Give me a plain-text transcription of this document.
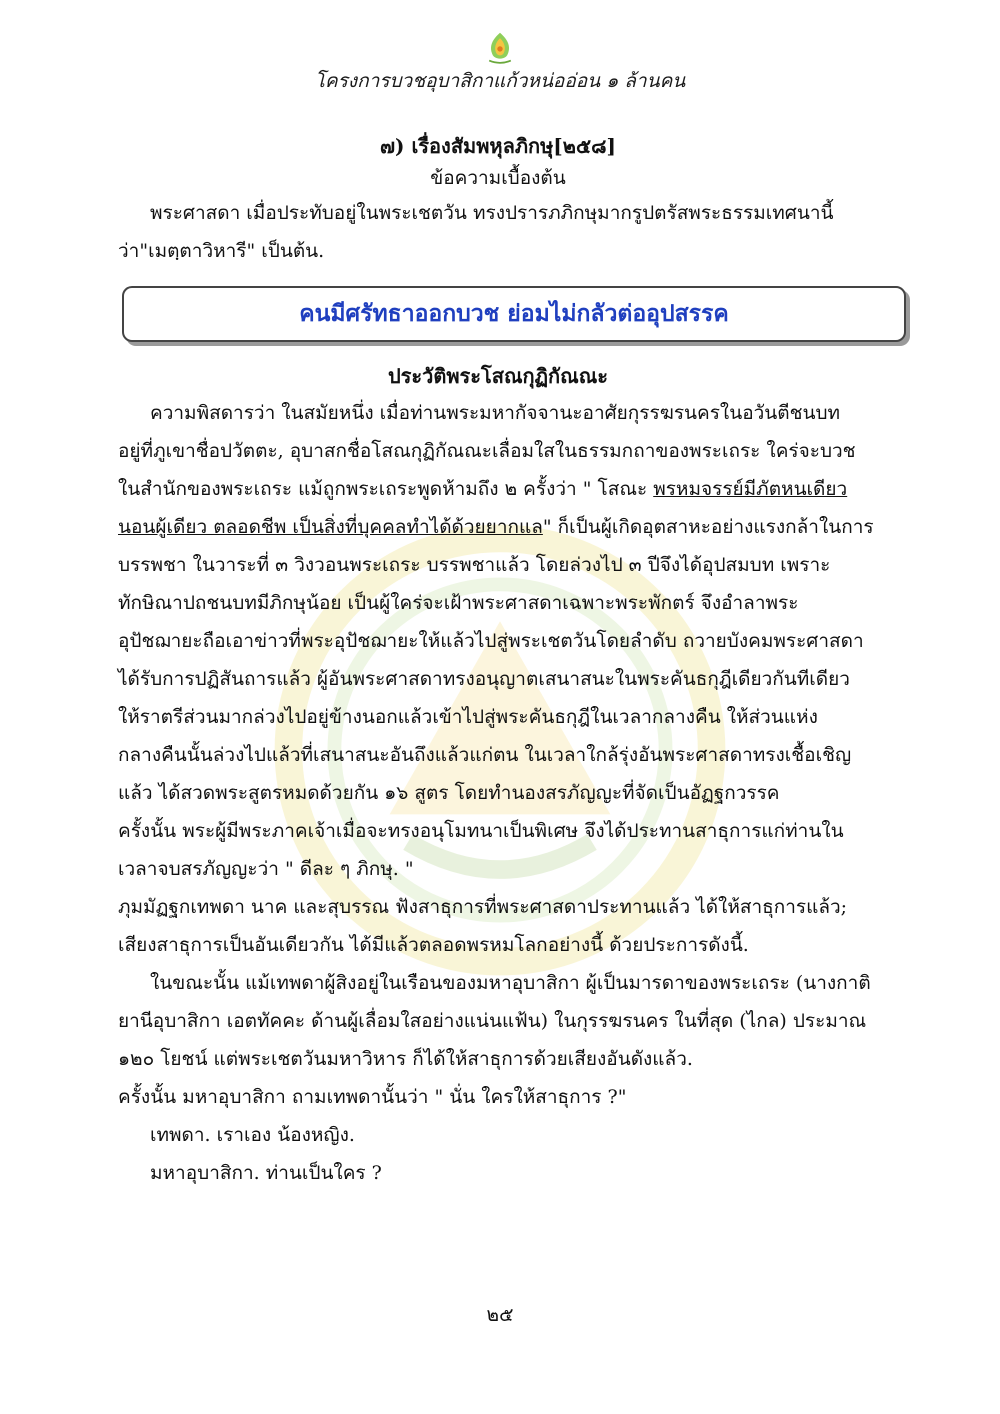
โครงการบวชอุบาสิกาแก้วหน่ออ่อน ๑ ล้านคน
๗) เรื่องสัมพหุลภิกษุ[๒๕๘]
ข้อความเบื้องต้น

พระศาสดา เมื่อประทับอยู่ในพระเชตวัน ทรงปรารภภิกษุมากรูปตรัสพระธรรมเทศนานี้

ว่า"เมตฺตาวิหารี" เป็นต้น.

คนมีศรัทธาออกบวช ย่อมไม่กลัวต่ออุปสรรค
ประวัติพระโสณกุฏิกัณณะ

ความพิสดารว่า ในสมัยหนึ่ง เมื่อท่านพระมหากัจจานะอาศัยกุรรฆรนครในอวันตีชนบท

อยู่ที่ภูเขาชื่อปวัตตะ, อุบาสกชื่อโสณกุฏิกัณณะเลื่อมใสในธรรมกถาของพระเถระ ใคร่จะบวช

ในสำนักของพระเถระ แม้ถูกพระเถระพูดห้ามถึง ๒ ครั้งว่า " โสณะ พรหมจรรย์มีภัตหนเดียว

นอนผู้เดียว ตลอดชีพ เป็นสิ่งที่บุคคลทำได้ด้วยยากแล" ก็เป็นผู้เกิดอุตสาหะอย่างแรงกล้าในการ

บรรพชา ในวาระที่ ๓ วิงวอนพระเถระ บรรพชาแล้ว โดยล่วงไป ๓ ปีจึงได้อุปสมบท เพราะ

ทักษิณาปถชนบทมีภิกษุน้อย เป็นผู้ใคร่จะเฝ้าพระศาสดาเฉพาะพระพักตร์ จึงอำลาพระ

อุปัชฌายะถือเอาข่าวที่พระอุปัชฌายะให้แล้วไปสู่พระเชตวันโดยลำดับ ถวายบังคมพระศาสดา

ได้รับการปฏิสันถารแล้ว ผู้อันพระศาสดาทรงอนุญาตเสนาสนะในพระคันธกุฎีเดียวกันทีเดียว

ให้ราตรีส่วนมากล่วงไปอยู่ข้างนอกแล้วเข้าไปสู่พระคันธกุฎีในเวลากลางคืน ให้ส่วนแห่ง

กลางคืนนั้นล่วงไปแล้วที่เสนาสนะอันถึงแล้วแก่ตน ในเวลาใกล้รุ่งอันพระศาสดาทรงเชื้อเชิญ

แล้ว ได้สวดพระสูตรหมดด้วยกัน ๑๖ สูตร โดยทำนองสรภัญญะที่จัดเป็นอัฏฐกวรรค

ครั้งนั้น พระผู้มีพระภาคเจ้าเมื่อจะทรงอนุโมทนาเป็นพิเศษ จึงได้ประทานสาธุการแก่ท่านใน

เวลาจบสรภัญญะว่า " ดีละ ๆ ภิกษุ. "

ภุมมัฏฐกเทพดา นาค และสุบรรณ ฟังสาธุการที่พระศาสดาประทานแล้ว ได้ให้สาธุการแล้ว;

เสียงสาธุการเป็นอันเดียวกัน ได้มีแล้วตลอดพรหมโลกอย่างนี้ ด้วยประการดังนี้.

ในขณะนั้น แม้เทพดาผู้สิงอยู่ในเรือนของมหาอุบาสิกา ผู้เป็นมารดาของพระเถระ (นางกาติ

ยานีอุบาสิกา เอตทัคคะ ด้านผู้เลื่อมใสอย่างแน่นแฟ้น) ในกุรรฆรนคร ในที่สุด (ไกล) ประมาณ

๑๒๐ โยชน์ แต่พระเชตวันมหาวิหาร ก็ได้ให้สาธุการด้วยเสียงอันดังแล้ว.

ครั้งนั้น มหาอุบาสิกา ถามเทพดานั้นว่า " นั่น ใครให้สาธุการ ?"

เทพดา. เราเอง น้องหญิง.

มหาอุบาสิกา. ท่านเป็นใคร ?

๒๕
